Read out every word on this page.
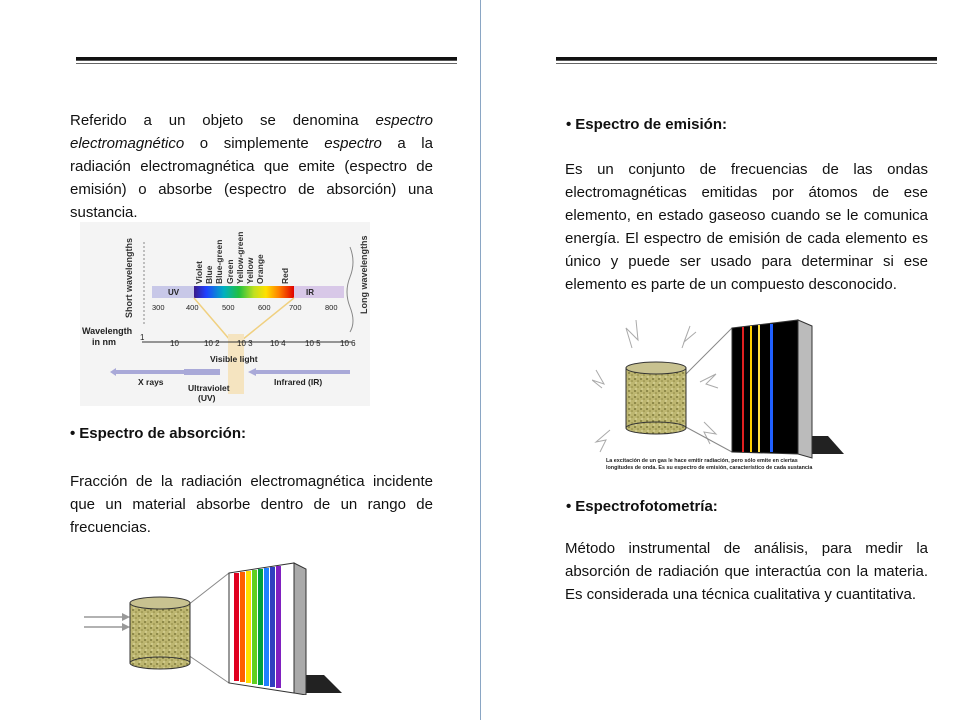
Referido a un objeto se denomina espectro electromagnético o simplemente espectro a la radiación electromagnética que emite (espectro de emisión) o absorbe (espectro de absorción) una sustancia.
Short wavelengths	Long wavelengths
Violet Blue Blue-green Green Yellow-green Yellow Orange Red
UV	IR
300	400	500	600 700	800
Wavelength
in nm	1
10	10 2 10 3 10 4 10 5 10 6
Visible light
X rays
Ultraviolet
(UV)
Infrared (IR)
• Espectro de absorción:
Fracción de la radiación electromagnética incidente que un material absorbe dentro de un rango de frecuencias.
• Espectro de emisión:
Es un conjunto de frecuencias de las ondas electromagnéticas emitidas por átomos de ese elemento, en estado gaseoso cuando se le comunica energía. El espectro de emisión de cada elemento es único y puede ser usado para determinar si ese elemento es parte de un compuesto desconocido.
La excitación de un gas le hace emitir radiación, pero sólo emite en ciertas
longitudes de onda. Es su espectro de emisión, característico de cada sustancia
• Espectrofotometría:
Método instrumental de análisis, para medir la absorción de radiación que interactúa con la materia. Es considerada una técnica cualitativa y cuantitativa.
